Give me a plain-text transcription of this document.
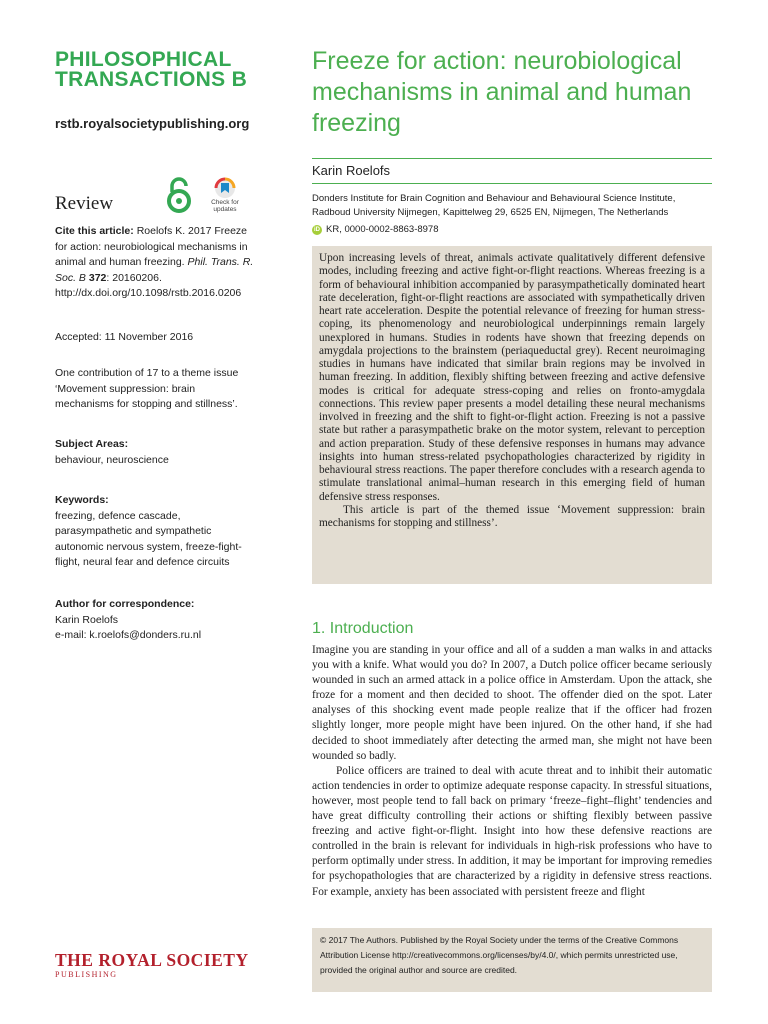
PHILOSOPHICAL
TRANSACTIONS B
rstb.royalsocietypublishing.org
Review	Check for
updates
Cite this article: Roelofs K. 2017 Freeze for action: neurobiological mechanisms in animal and human freezing. Phil. Trans. R. Soc. B 372: 20160206.
http://dx.doi.org/10.1098/rstb.2016.0206
Accepted: 11 November 2016
One contribution of 17 to a theme issue ‘Movement suppression: brain mechanisms for stopping and stillness’.
Subject Areas:
behaviour, neuroscience
Keywords:
freezing, defence cascade, parasympathetic and sympathetic autonomic nervous system, freeze-fight-flight, neural fear and defence circuits
Author for correspondence:
Karin Roelofs
e-mail: k.roelofs@donders.ru.nl
Freeze for action: neurobiological mechanisms in animal and human freezing
Karin Roelofs
Donders Institute for Brain Cognition and Behaviour and Behavioural Science Institute,
Radboud University Nijmegen, Kapittelweg 29, 6525 EN, Nijmegen, The Netherlands
iD KR, 0000-0002-8863-8978

Upon increasing levels of threat, animals activate qualitatively different defensive modes, including freezing and active fight-or-flight reactions. Whereas freezing is a form of behavioural inhibition accompanied by parasympathetically dominated heart rate deceleration, fight-or-flight reactions are associated with sympathetically driven heart rate acceleration. Despite the potential relevance of freezing for human stress-coping, its phenomenology and neurobiological underpinnings remain largely unexplored in humans. Studies in rodents have shown that freezing depends on amygdala projections to the brainstem (periaqueductal grey). Recent neuroimaging studies in humans have indicated that similar brain regions may be involved in human freezing. In addition, flexibly shifting between freezing and active defensive modes is critical for adequate stress-coping and relies on fronto-amygdala connections. This review paper presents a model detailing these neural mechanisms involved in freezing and the shift to fight-or-flight action. Freezing is not a passive state but rather a parasympathetic brake on the motor system, relevant to perception and action preparation. Study of these defensive responses in humans may advance insights into human stress-related psychopathologies characterized by rigidity in behavioural stress reactions. The paper therefore concludes with a research agenda to stimulate translational animal–human research in this emerging field of human defensive stress responses.

This article is part of the themed issue ‘Movement suppression: brain mechanisms for stopping and stillness’.

1. Introduction

Imagine you are standing in your office and all of a sudden a man walks in and attacks you with a knife. What would you do? In 2007, a Dutch police officer became seriously wounded in such an armed attack in a police office in Amsterdam. Upon the attack, she froze for a moment and then decided to shoot. The offender died on the spot. Later analyses of this shocking event made people realize that if the officer had frozen slightly longer, more people might have been injured. On the other hand, if she had decided to shoot immediately after detecting the armed man, she might not have been wounded so badly.

Police officers are trained to deal with acute threat and to inhibit their automatic action tendencies in order to optimize adequate response capacity. In stressful situations, however, most people tend to fall back on primary ‘freeze–fight–flight’ tendencies and have great difficulty controlling their actions or shifting flexibly between passive freezing and active fight-or-flight. Insight into how these defensive reactions are controlled in the brain is relevant for individuals in high-risk professions who have to perform optimally under stress. In addition, it may be important for improving remedies for psychopathologies that are characterized by a rigidity in defensive stress reactions. For example, anxiety has been associated with persistent freeze and flight

© 2017 The Authors. Published by the Royal Society under the terms of the Creative Commons Attribution License http://creativecommons.org/licenses/by/4.0/, which permits unrestricted use, provided the original author and source are credited.
THE ROYAL SOCIETY
PUBLISHING
